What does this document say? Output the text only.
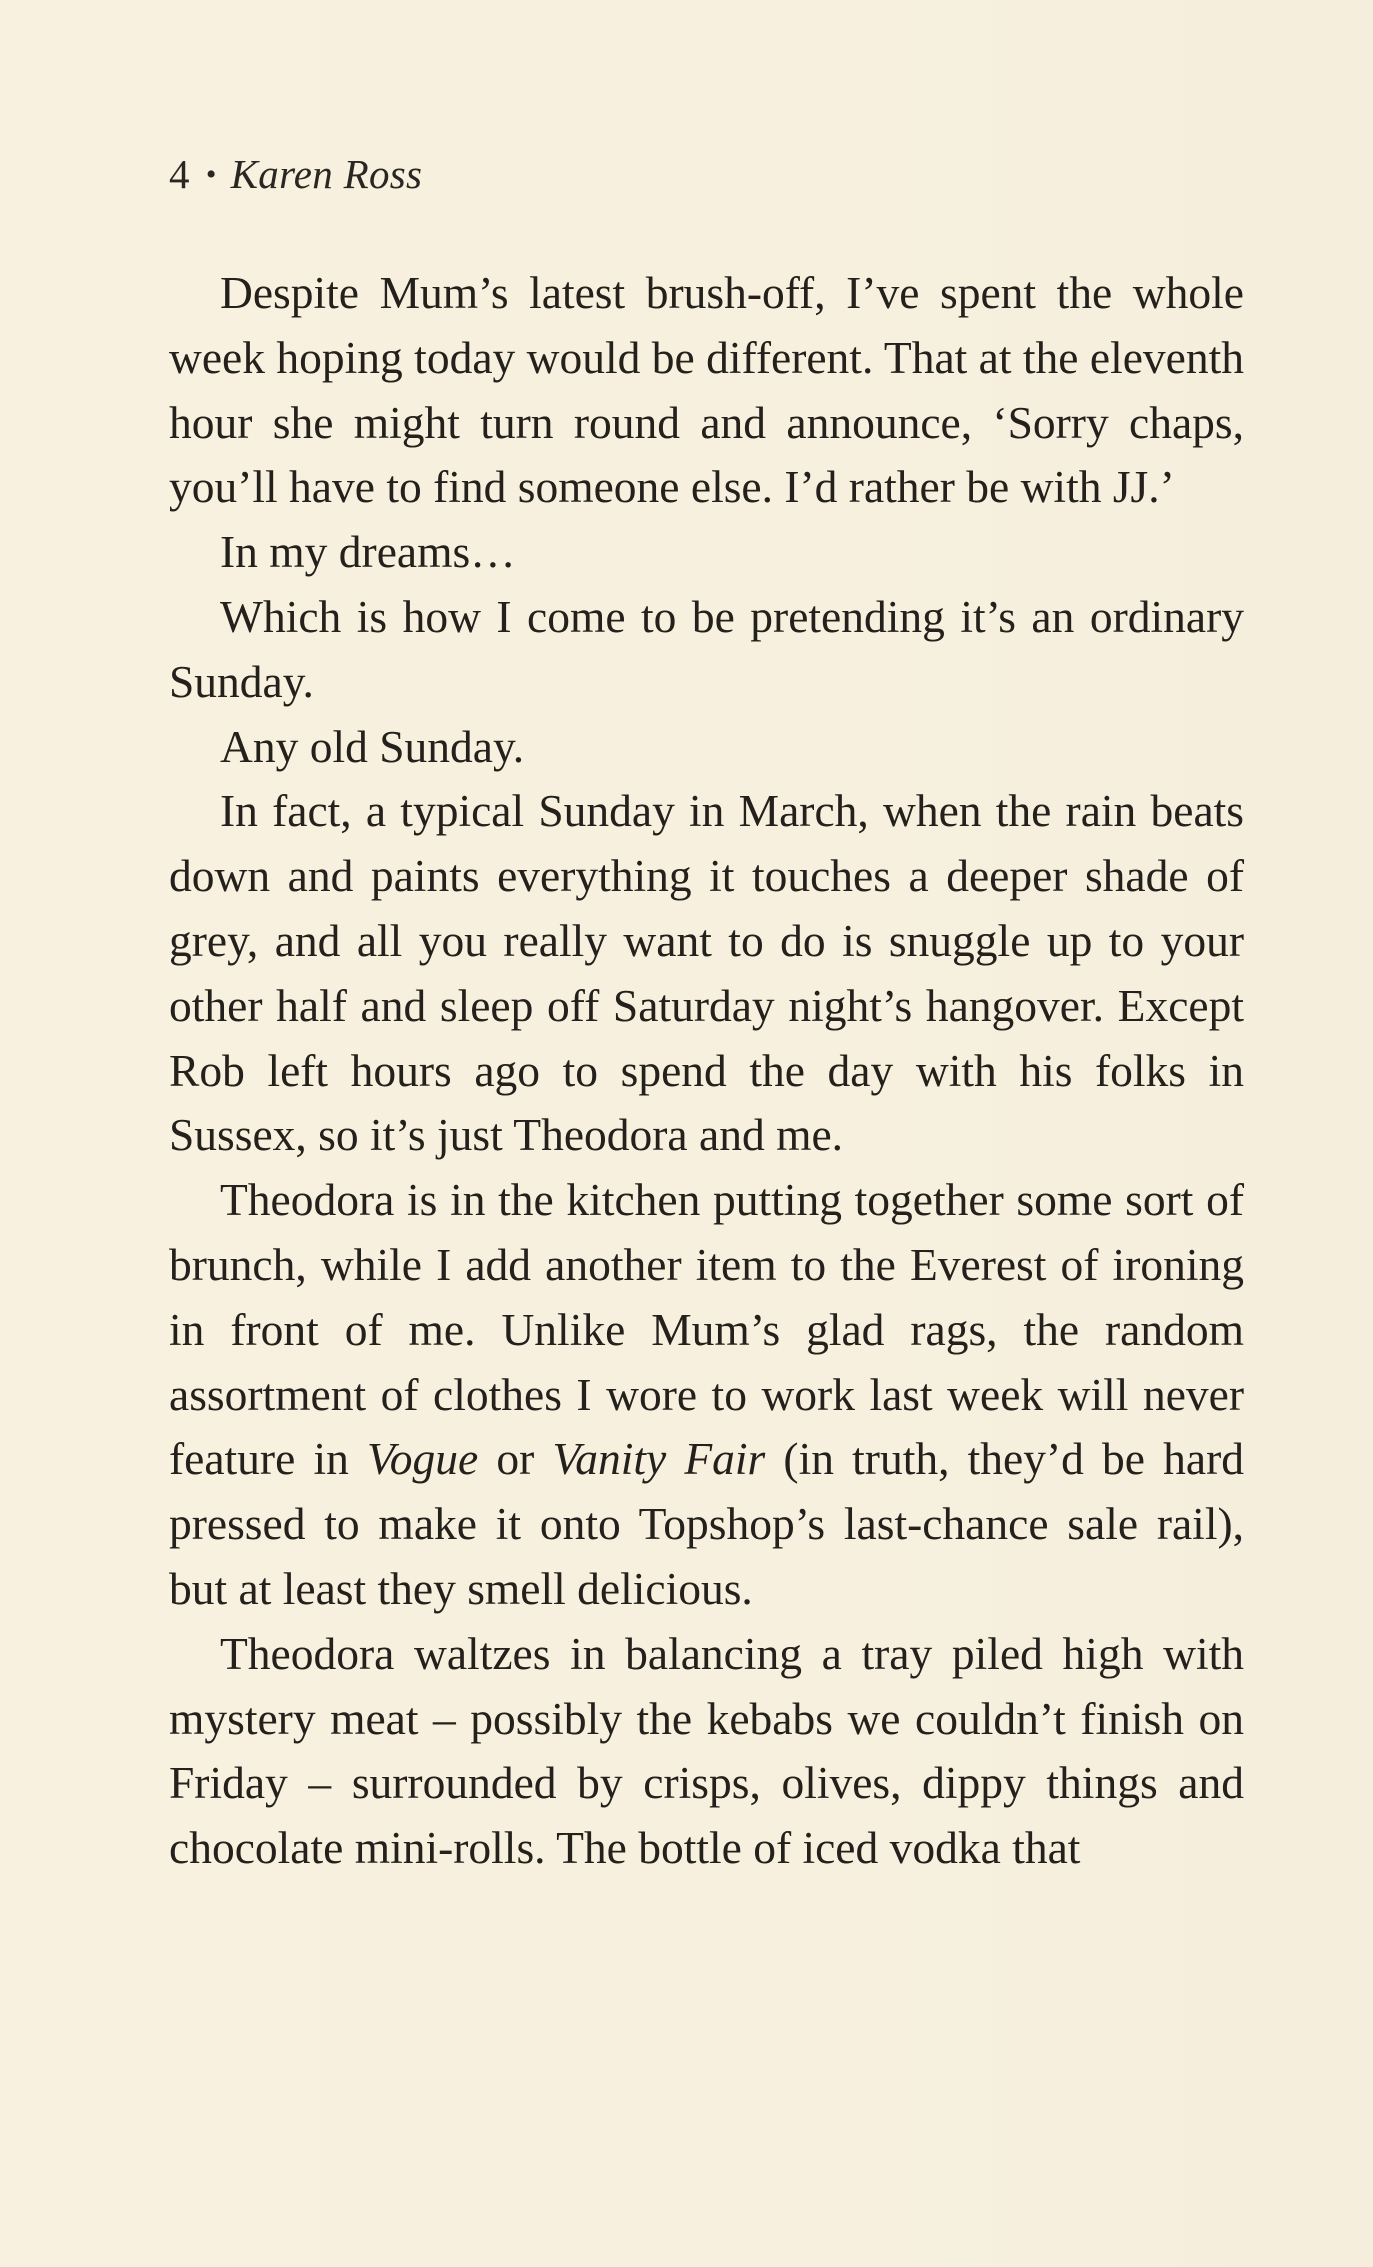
4 • Karen Ross

Despite Mum’s latest brush-off, I’ve spent the whole week hoping today would be different. That at the eleventh hour she might turn round and announce, ‘Sorry chaps, you’ll have to find someone else. I’d rather be with JJ.’

In my dreams…

Which is how I come to be pretending it’s an ordinary Sunday.

Any old Sunday.

In fact, a typical Sunday in March, when the rain beats down and paints everything it touches a deeper shade of grey, and all you really want to do is snuggle up to your other half and sleep off Saturday night’s hangover. Except Rob left hours ago to spend the day with his folks in Sussex, so it’s just Theodora and me.

Theodora is in the kitchen putting together some sort of brunch, while I add another item to the Everest of ironing in front of me. Unlike Mum’s glad rags, the random assortment of clothes I wore to work last week will never feature in Vogue or Vanity Fair (in truth, they’d be hard pressed to make it onto Topshop’s last-chance sale rail), but at least they smell delicious.

Theodora waltzes in balancing a tray piled high with mystery meat – possibly the kebabs we couldn’t finish on Friday – surrounded by crisps, olives, dippy things and chocolate mini-rolls. The bottle of iced vodka that
